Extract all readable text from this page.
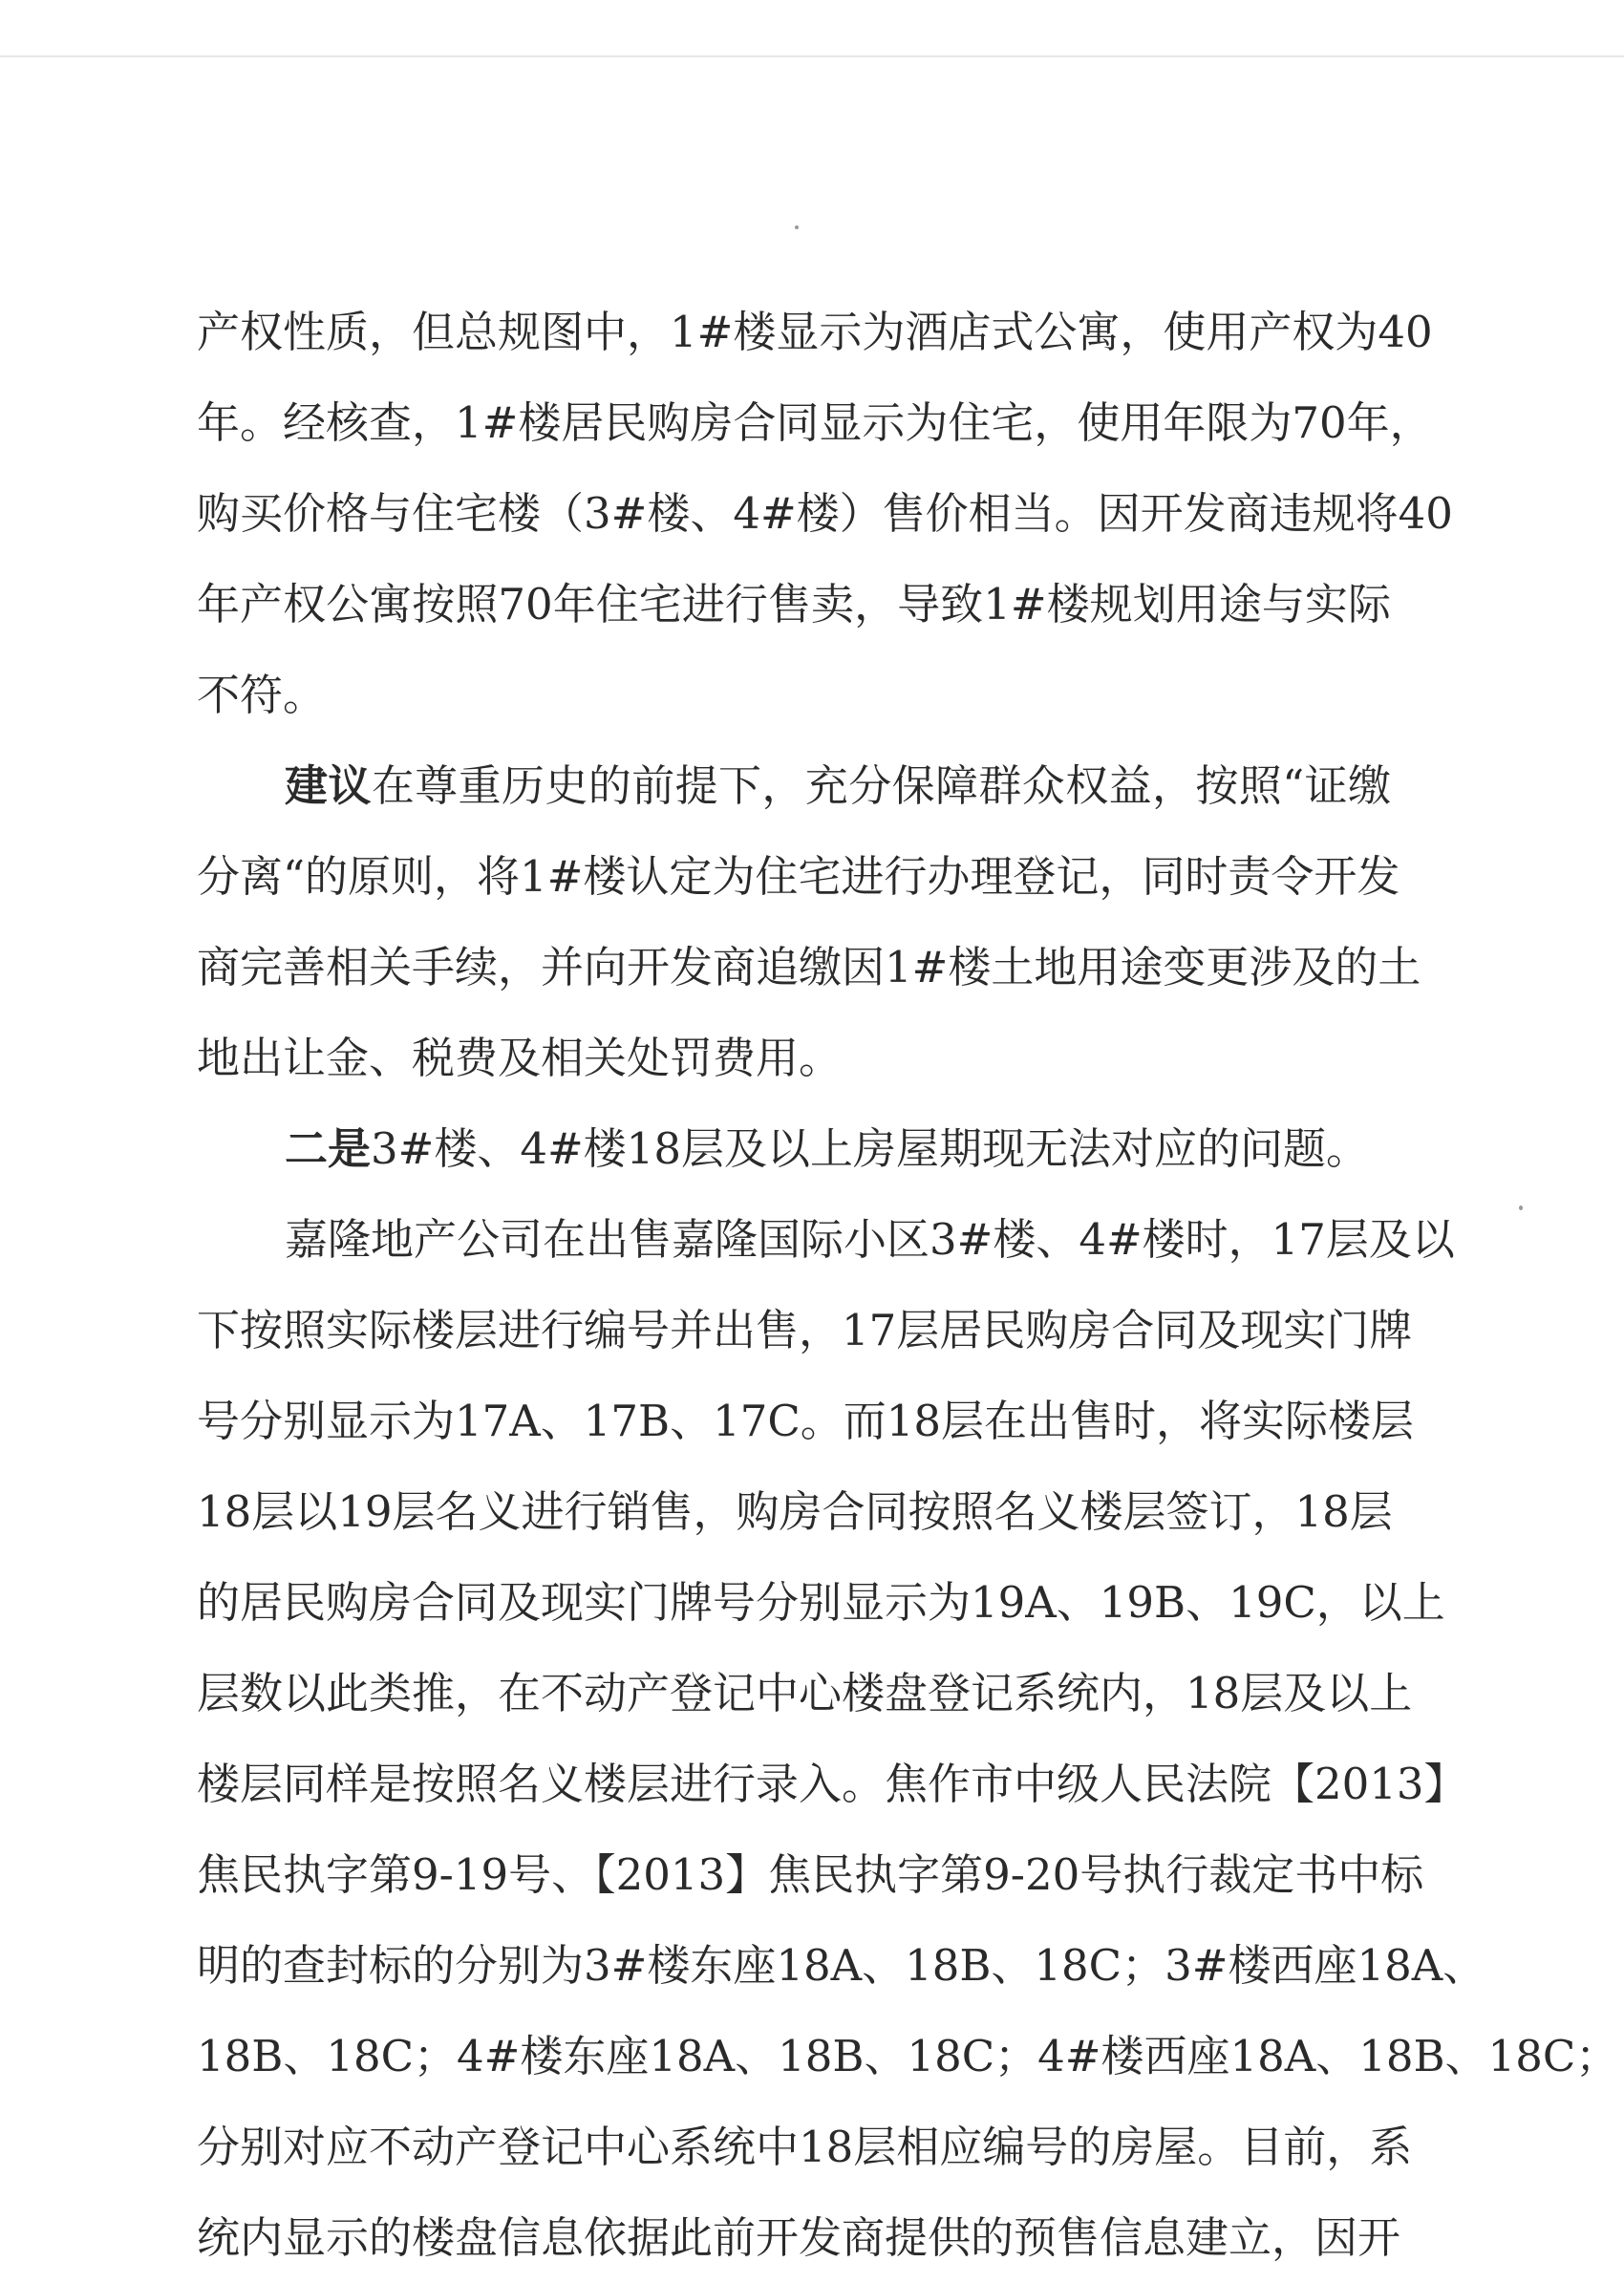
产权性质，但总规图中，1#楼显示为酒店式公寓，使用产权为40
年。经核查，1#楼居民购房合同显示为住宅，使用年限为70年，
购买价格与住宅楼（3#楼、4#楼）售价相当。因开发商违规将40
年产权公寓按照70年住宅进行售卖，导致1#楼规划用途与实际
不符。
建议在尊重历史的前提下，充分保障群众权益，按照“证缴
分离“的原则，将1#楼认定为住宅进行办理登记，同时责令开发
商完善相关手续，并向开发商追缴因1#楼土地用途变更涉及的土
地出让金、税费及相关处罚费用。
二是3#楼、4#楼18层及以上房屋期现无法对应的问题。
嘉隆地产公司在出售嘉隆国际小区3#楼、4#楼时，17层及以
下按照实际楼层进行编号并出售，17层居民购房合同及现实门牌
号分别显示为17A、17B、17C。而18层在出售时，将实际楼层
18层以19层名义进行销售，购房合同按照名义楼层签订，18层
的居民购房合同及现实门牌号分别显示为19A、19B、19C，以上
层数以此类推，在不动产登记中心楼盘登记系统内，18层及以上
楼层同样是按照名义楼层进行录入。焦作市中级人民法院【2013】
焦民执字第9-19号、【2013】焦民执字第9-20号执行裁定书中标
明的查封标的分别为3#楼东座18A、18B、18C；3#楼西座18A、
18B、18C；4#楼东座18A、18B、18C；4#楼西座18A、18B、18C；
分别对应不动产登记中心系统中18层相应编号的房屋。目前，系
统内显示的楼盘信息依据此前开发商提供的预售信息建立，因开
